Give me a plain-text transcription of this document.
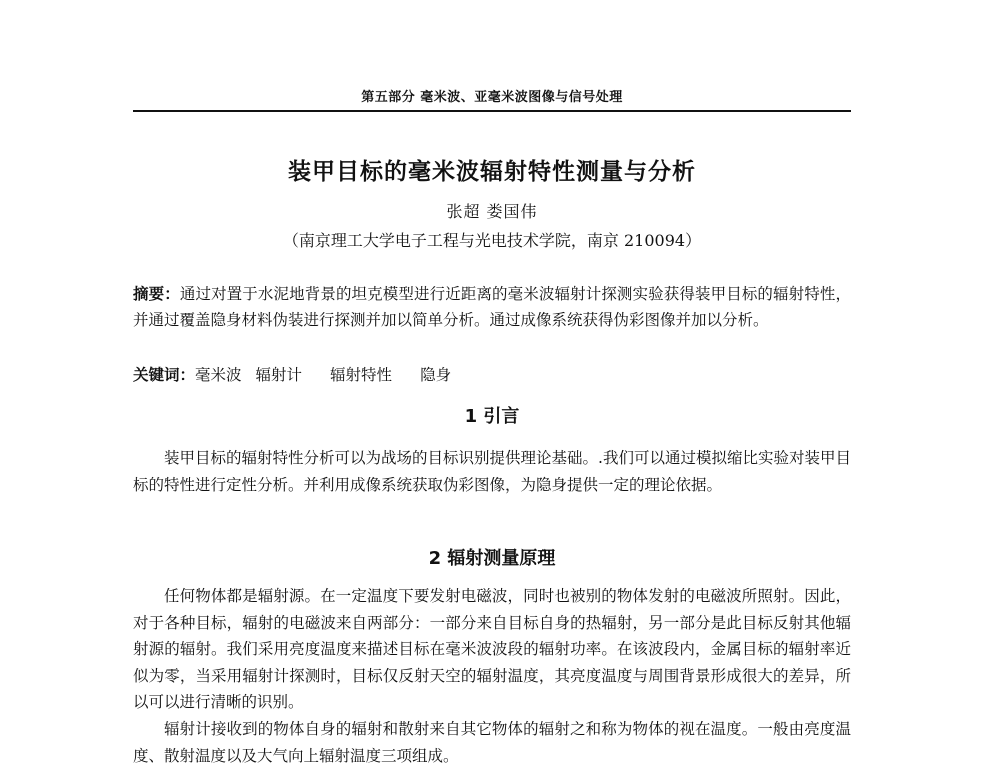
第五部分 毫米波、亚毫米波图像与信号处理
装甲目标的毫米波辐射特性测量与分析
张超 娄国伟
（南京理工大学电子工程与光电技术学院，南京 210094）

摘要：通过对置于水泥地背景的坦克模型进行近距离的毫米波辐射计探测实验获得装甲目标的辐射特性，并通过覆盖隐身材料伪装进行探测并加以简单分析。通过成像系统获得伪彩图像并加以分析。

关键词：毫米波 辐射计 辐射特性 隐身

1 引言

装甲目标的辐射特性分析可以为战场的目标识别提供理论基础。.我们可以通过模拟缩比实验对装甲目标的特性进行定性分析。并利用成像系统获取伪彩图像，为隐身提供一定的理论依据。

2 辐射测量原理

任何物体都是辐射源。在一定温度下要发射电磁波，同时也被别的物体发射的电磁波所照射。因此，对于各种目标，辐射的电磁波来自两部分：一部分来自目标自身的热辐射，另一部分是此目标反射其他辐射源的辐射。我们采用亮度温度来描述目标在毫米波波段的辐射功率。在该波段内，金属目标的辐射率近似为零，当采用辐射计探测时，目标仅反射天空的辐射温度，其亮度温度与周围背景形成很大的差异，所以可以进行清晰的识别。

辐射计接收到的物体自身的辐射和散射来自其它物体的辐射之和称为物体的视在温度。一般由亮度温度、散射温度以及大气向上辐射温度三项组成。
